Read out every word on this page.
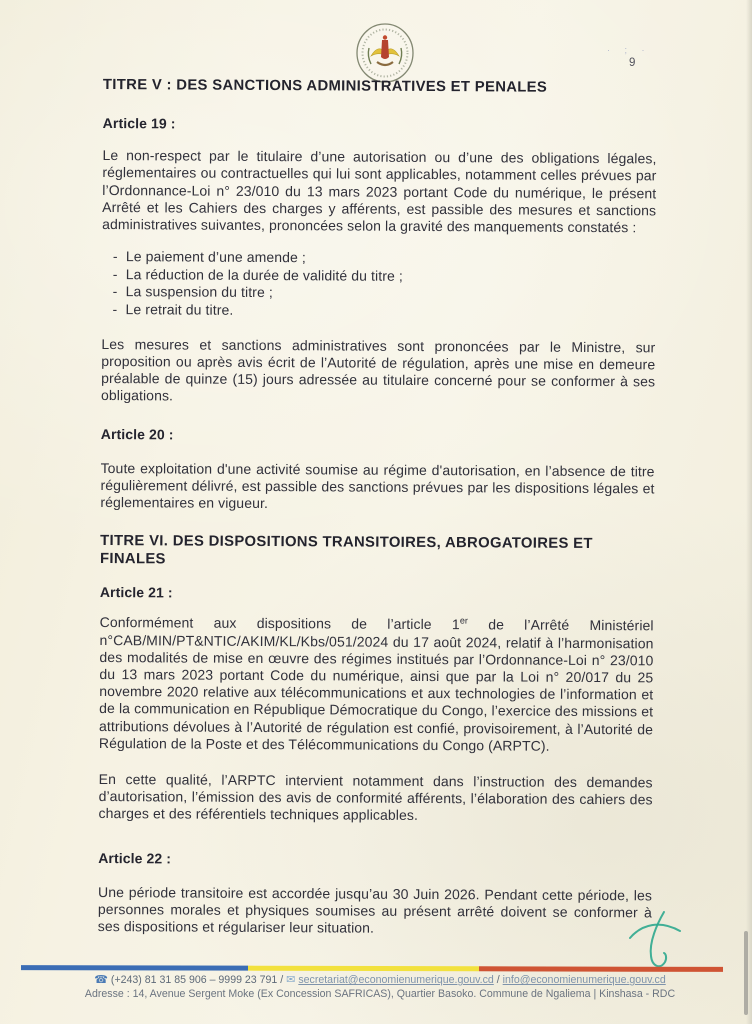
· ; ·
9
TITRE V : DES SANCTIONS ADMINISTRATIVES ET PENALES
Article 19 :

Le non-respect par le titulaire d’une autorisation ou d’une des obligations légales, réglementaires ou contractuelles qui lui sont applicables, notamment celles prévues par l’Ordonnance-Loi n° 23/010 du 13 mars 2023 portant Code du numérique, le présent Arrêté et les Cahiers des charges y afférents, est passible des mesures et sanctions administratives suivantes, prononcées selon la gravité des manquements constatés :

- Le paiement d’une amende ;
- La réduction de la durée de validité du titre ;
- La suspension du titre ;
- Le retrait du titre.

Les mesures et sanctions administratives sont prononcées par le Ministre, sur proposition ou après avis écrit de l’Autorité de régulation, après une mise en demeure préalable de quinze (15) jours adressée au titulaire concerné pour se conformer à ses obligations.

Article 20 :

Toute exploitation d'une activité soumise au régime d'autorisation, en l’absence de titre régulièrement délivré, est passible des sanctions prévues par les dispositions légales et réglementaires en vigueur.

TITRE VI. DES DISPOSITIONS TRANSITOIRES, ABROGATOIRES ET FINALES
Article 21 :

Conformément aux dispositions de l’article 1er de l’Arrêté Ministériel n°CAB/MIN/PT&NTIC/AKIM/KL/Kbs/051/2024 du 17 août 2024, relatif à l’harmonisation des modalités de mise en œuvre des régimes institués par l’Ordonnance-Loi n° 23/010 du 13 mars 2023 portant Code du numérique, ainsi que par la Loi n° 20/017 du 25 novembre 2020 relative aux télécommunications et aux technologies de l’information et de la communication en République Démocratique du Congo, l’exercice des missions et attributions dévolues à l’Autorité de régulation est confié, provisoirement, à l’Autorité de Régulation de la Poste et des Télécommunications du Congo (ARPTC).

En cette qualité, l’ARPTC intervient notamment dans l’instruction des demandes d’autorisation, l’émission des avis de conformité afférents, l’élaboration des cahiers des charges et des référentiels techniques applicables.

Article 22 :

Une période transitoire est accordée jusqu’au 30 Juin 2026. Pendant cette période, les personnes morales et physiques soumises au présent arrêté doivent se conformer à ses dispositions et régulariser leur situation.

☎ (+243) 81 31 85 906 – 9999 23 791 / ✉ secretariat@economienumerique.gouv.cd / info@economienumerique.gouv.cd
Adresse : 14, Avenue Sergent Moke (Ex Concession SAFRICAS), Quartier Basoko. Commune de Ngaliema | Kinshasa - RDC
